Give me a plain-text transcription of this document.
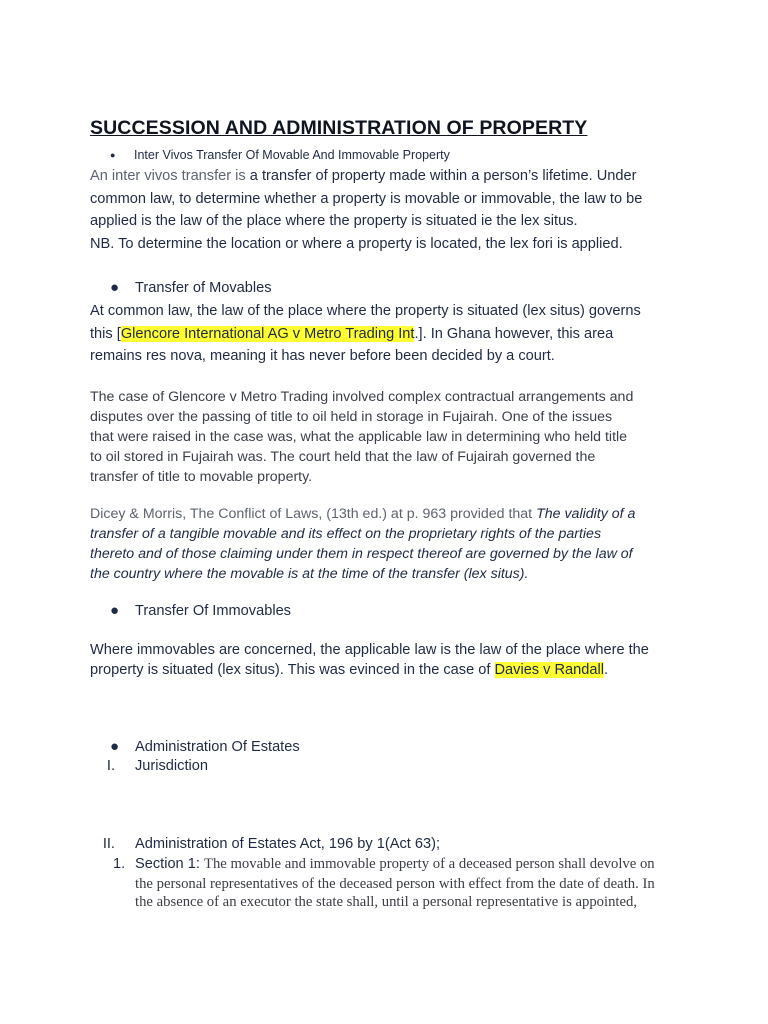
SUCCESSION AND ADMINISTRATION OF PROPERTY
● Inter Vivos Transfer Of Movable And Immovable Property
An inter vivos transfer is a transfer of property made within a person’s lifetime. Under
common law, to determine whether a property is movable or immovable, the law to be
applied is the law of the place where the property is situated ie the lex situs.
NB. To determine the location or where a property is located, the lex fori is applied.
● Transfer of Movables
At common law, the law of the place where the property is situated (lex situs) governs
this [Glencore International AG v Metro Trading Int.]. In Ghana however, this area
remains res nova, meaning it has never before been decided by a court.
The case of Glencore v Metro Trading involved complex contractual arrangements and
disputes over the passing of title to oil held in storage in Fujairah. One of the issues
that were raised in the case was, what the applicable law in determining who held title
to oil stored in Fujairah was. The court held that the law of Fujairah governed the
transfer of title to movable property.
Dicey & Morris, The Conflict of Laws, (13th ed.) at p. 963 provided that The validity of a
transfer of a tangible movable and its effect on the proprietary rights of the parties
thereto and of those claiming under them in respect thereof are governed by the law of
the country where the movable is at the time of the transfer (lex situs).
● Transfer Of Immovables
Where immovables are concerned, the applicable law is the law of the place where the
property is situated (lex situs). This was evinced in the case of Davies v Randall.
● Administration Of Estates
I. Jurisdiction
II. Administration of Estates Act, 196 by 1(Act 63);
1. Section 1: The movable and immovable property of a deceased person shall devolve on
the personal representatives of the deceased person with effect from the date of death. In
the absence of an executor the state shall, until a personal representative is appointed,
